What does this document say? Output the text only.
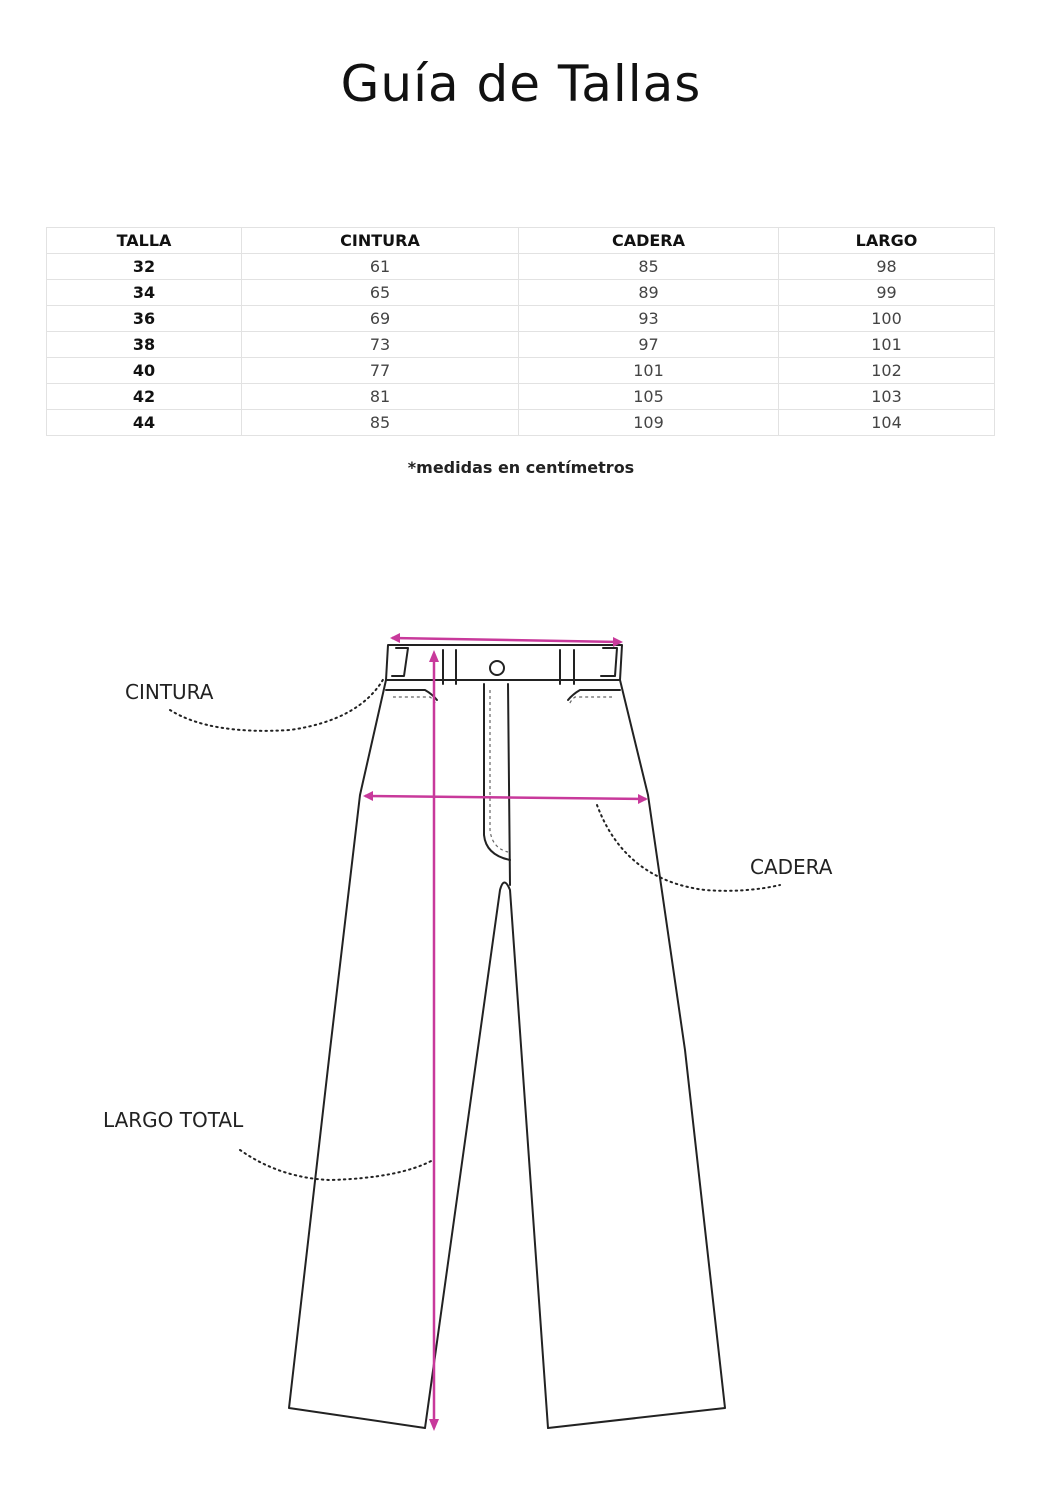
Guía de Tallas
TALLA	CINTURA	CADERA	LARGO
32	61	85	98
34	65	89	99
36	69	93	100
38	73	97	101
40	77	101	102
42	81	105	103
44	85	109	104
*medidas en centímetros
CINTURA
CADERA
LARGO TOTAL
